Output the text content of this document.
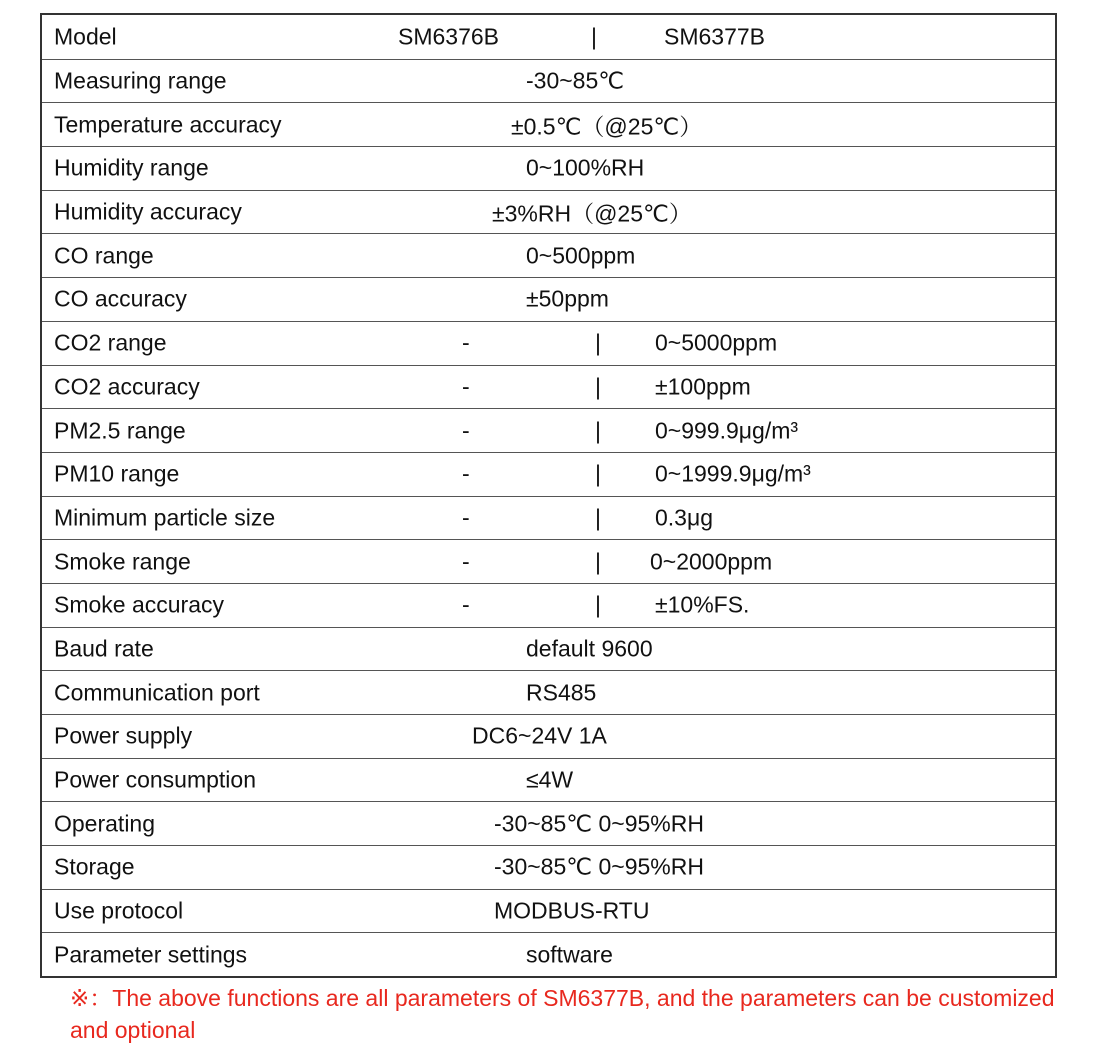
Model	SM6376B	|	SM6377B
Measuring range	-30~85℃
Temperature accuracy	±0.5℃（@25℃）
Humidity range	0~100%RH
Humidity accuracy	±3%RH（@25℃）
CO range	0~500ppm
CO accuracy	±50ppm
CO2 range	-	| 0~5000ppm
CO2 accuracy	-	| ±100ppm
PM2.5 range	-	| 0~999.9μg/m³
PM10 range	-	| 0~1999.9μg/m³
Minimum particle size	-	| 0.3μg
Smoke range	-	| 0~2000ppm
Smoke accuracy	-	| ±10%FS.
Baud rate	default 9600
Communication port	RS485
Power supply	DC6~24V 1A
Power consumption	≤4W
Operating	-30~85℃ 0~95%RH
Storage	-30~85℃ 0~95%RH
Use protocol	MODBUS-RTU
Parameter settings	software
※：The above functions are all parameters of SM6377B, and the parameters can be customized and optional
